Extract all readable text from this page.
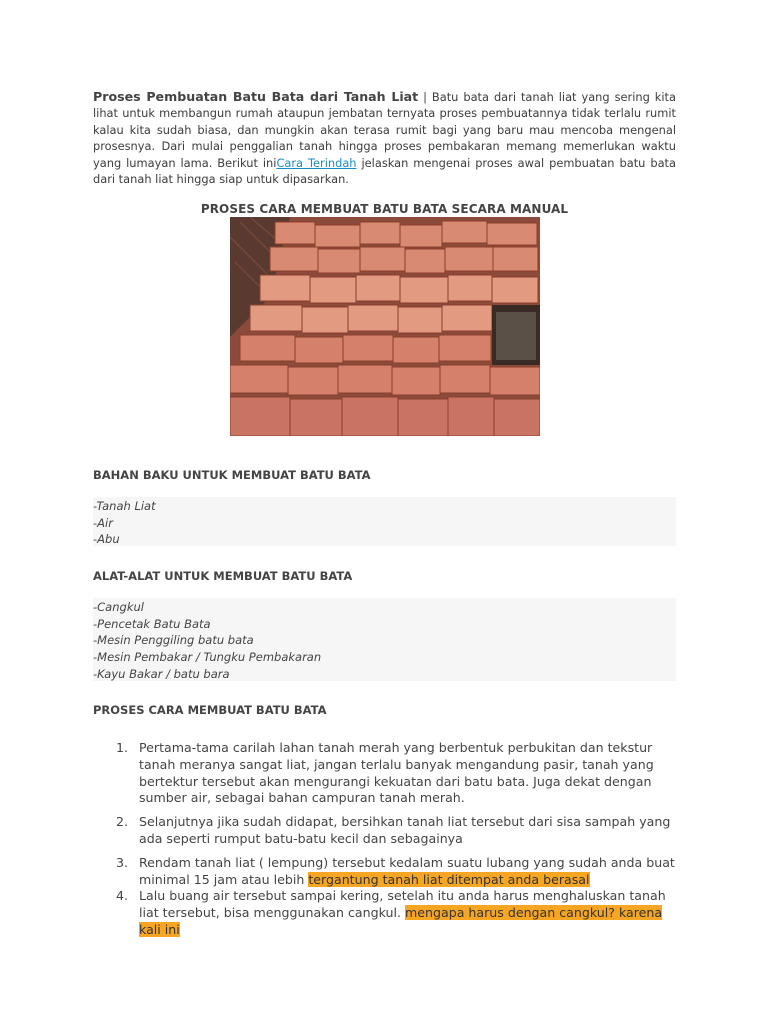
Proses Pembuatan Batu Bata dari Tanah Liat | Batu bata dari tanah liat yang sering kita lihat untuk membangun rumah ataupun jembatan ternyata proses pembuatannya tidak terlalu rumit kalau kita sudah biasa, dan mungkin akan terasa rumit bagi yang baru mau mencoba mengenal prosesnya. Dari mulai penggalian tanah hingga proses pembakaran memang memerlukan waktu yang lumayan lama. Berikut iniCara Terindah jelaskan mengenai proses awal pembuatan batu bata dari tanah liat hingga siap untuk dipasarkan.
PROSES CARA MEMBUAT BATU BATA SECARA MANUAL
BAHAN BAKU UNTUK MEMBUAT BATU BATA
-Tanah Liat
-Air
-Abu
ALAT-ALAT UNTUK MEMBUAT BATU BATA
-Cangkul
-Pencetak Batu Bata
-Mesin Penggiling batu bata
-Mesin Pembakar / Tungku Pembakaran
-Kayu Bakar / batu bara
PROSES CARA MEMBUAT BATU BATA
1. Pertama-tama carilah lahan tanah merah yang berbentuk perbukitan dan tekstur tanah meranya sangat liat, jangan terlalu banyak mengandung pasir, tanah yang bertektur tersebut akan mengurangi kekuatan dari batu bata. Juga dekat dengan sumber air, sebagai bahan campuran tanah merah.
2. Selanjutnya jika sudah didapat, bersihkan tanah liat tersebut dari sisa sampah yang ada seperti rumput batu-batu kecil dan sebagainya
3. Rendam tanah liat ( lempung) tersebut kedalam suatu lubang yang sudah anda buat minimal 15 jam atau lebih tergantung tanah liat ditempat anda berasal
4. Lalu buang air tersebut sampai kering, setelah itu anda harus menghaluskan tanah liat tersebut, bisa menggunakan cangkul. mengapa harus dengan cangkul? karena kali ini
